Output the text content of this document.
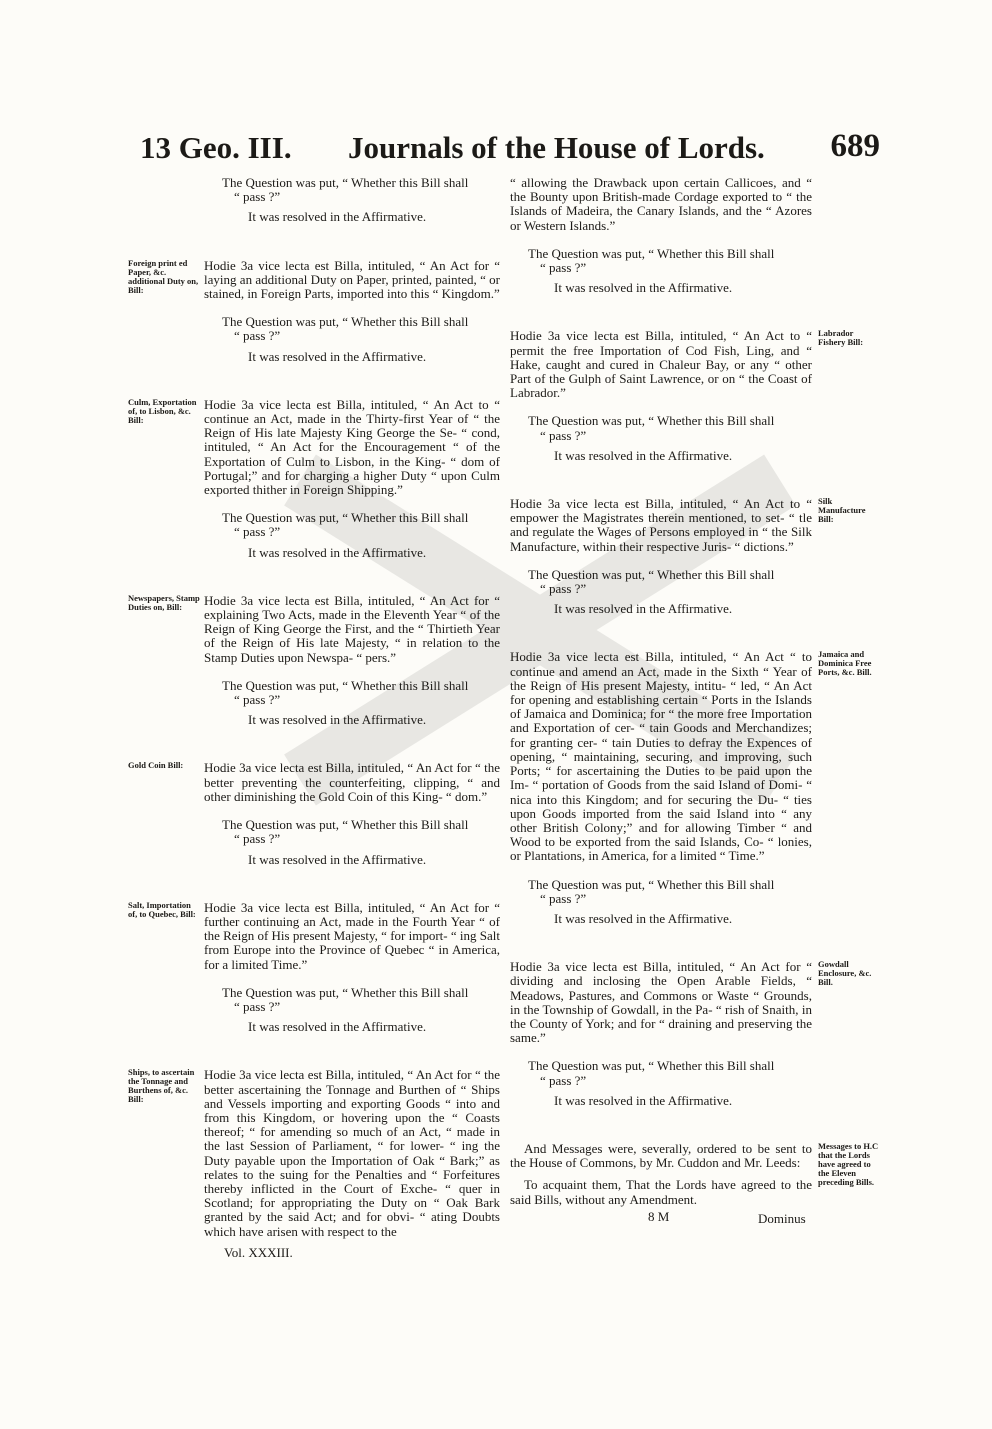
13 Geo. III. Journals of the House of Lords. 689

The Question was put, “ Whether this Bill shall
“ pass ?”

It was resolved in the Affirmative.

Foreign print ed Paper, &c. additional Duty on, Bill:

Hodie 3a vice lecta est Billa, intituled, “ An Act for “ laying an additional Duty on Paper, printed, painted, “ or stained, in Foreign Parts, imported into this “ Kingdom.”

The Question was put, “ Whether this Bill shall
“ pass ?”

It was resolved in the Affirmative.

Culm, Exportation of, to Lisbon, &c. Bill:

Hodie 3a vice lecta est Billa, intituled, “ An Act to “ continue an Act, made in the Thirty-first Year of “ the Reign of His late Majesty King George the Se- “ cond, intituled, “ An Act for the Encouragement “ of the Exportation of Culm to Lisbon, in the King- “ dom of Portugal;” and for charging a higher Duty “ upon Culm exported thither in Foreign Shipping.”

The Question was put, “ Whether this Bill shall
“ pass ?”

It was resolved in the Affirmative.

Newspapers, Stamp Duties on, Bill:	Hodie 3a vice lecta est Billa, intituled, “ An Act for “ explaining Two Acts, made in the Eleventh Year “ of the Reign of King George the First, and the “ Thirtieth Year of the Reign of His late Majesty, “ in relation to the Stamp Duties upon Newspa- “ pers.”

The Question was put, “ Whether this Bill shall
“ pass ?”

It was resolved in the Affirmative.

Gold Coin Bill:	Hodie 3a vice lecta est Billa, intituled, “ An Act for “ the better preventing the counterfeiting, clipping, “ and other diminishing the Gold Coin of this King- “ dom.”

The Question was put, “ Whether this Bill shall
“ pass ?”

It was resolved in the Affirmative.

Salt, Importation of, to Quebec, Bill: Hodie 3a vice lecta est Billa, intituled, “ An Act for “ further continuing an Act, made in the Fourth Year “ of the Reign of His present Majesty, “ for import- “ ing Salt from Europe into the Province of Quebec “ in America, for a limited Time.”

The Question was put, “ Whether this Bill shall
“ pass ?”

It was resolved in the Affirmative.

Ships, to ascertain the Tonnage and Burthens of, &c. Bill:

Hodie 3a vice lecta est Billa, intituled, “ An Act for “ the better ascertaining the Tonnage and Burthen of “ Ships and Vessels importing and exporting Goods “ into and from this Kingdom, or hovering upon the “ Coasts thereof; “ for amending so much of an Act, “ made in the last Session of Parliament, “ for lower- “ ing the Duty payable upon the Importation of Oak “ Bark;” as relates to the suing for the Penalties and “ Forfeitures thereby inflicted in the Court of Exche- “ quer in Scotland; for appropriating the Duty on “ Oak Bark granted by the said Act; and for obvi- “ ating Doubts which have arisen with respect to the

Vol. XXXIII.

“ allowing the Drawback upon certain Callicoes, and “ the Bounty upon British-made Cordage exported to “ the Islands of Madeira, the Canary Islands, and the “ Azores or Western Islands.”

The Question was put, “ Whether this Bill shall
“ pass ?”

It was resolved in the Affirmative.

Labrador Fishery Bill:

Hodie 3a vice lecta est Billa, intituled, “ An Act to “ permit the free Importation of Cod Fish, Ling, and “ Hake, caught and cured in Chaleur Bay, or any “ other Part of the Gulph of Saint Lawrence, or on “ the Coast of Labrador.”

The Question was put, “ Whether this Bill shall
“ pass ?”

It was resolved in the Affirmative.

Silk Manufacture Bill:

Hodie 3a vice lecta est Billa, intituled, “ An Act to “ empower the Magistrates therein mentioned, to set- “ tle and regulate the Wages of Persons employed in “ the Silk Manufacture, within their respective Juris- “ dictions.”

The Question was put, “ Whether this Bill shall
“ pass ?”

It was resolved in the Affirmative.

Jamaica and Dominica Free Ports, &c. Bill.

Hodie 3a vice lecta est Billa, intituled, “ An Act “ to continue and amend an Act, made in the Sixth “ Year of the Reign of His present Majesty, intitu- “ led, “ An Act for opening and establishing certain “ Ports in the Islands of Jamaica and Dominica; for “ the more free Importation and Exportation of cer- “ tain Goods and Merchandizes; for granting cer- “ tain Duties to defray the Expences of opening, “ maintaining, securing, and improving, such Ports; “ for ascertaining the Duties to be paid upon the Im- “ portation of Goods from the said Island of Domi- “ nica into this Kingdom; and for securing the Du- “ ties upon Goods imported from the said Island into “ any other British Colony;” and for allowing Timber “ and Wood to be exported from the said Islands, Co- “ lonies, or Plantations, in America, for a limited “ Time.”

The Question was put, “ Whether this Bill shall
“ pass ?”

It was resolved in the Affirmative.

Gowdall Enclosure, &c. Bill.

Hodie 3a vice lecta est Billa, intituled, “ An Act for “ dividing and inclosing the Open Arable Fields, “ Meadows, Pastures, and Commons or Waste “ Grounds, in the Township of Gowdall, in the Pa- “ rish of Snaith, in the County of York; and for “ draining and preserving the same.”

The Question was put, “ Whether this Bill shall
“ pass ?”

It was resolved in the Affirmative.

Messages to H.C that the Lords have agreed to the Eleven preceding Bills.

And Messages were, severally, ordered to be sent to the House of Commons, by Mr. Cuddon and Mr. Leeds:

To acquaint them, That the Lords have agreed to the said Bills, without any Amendment.

8 M	Dominus
